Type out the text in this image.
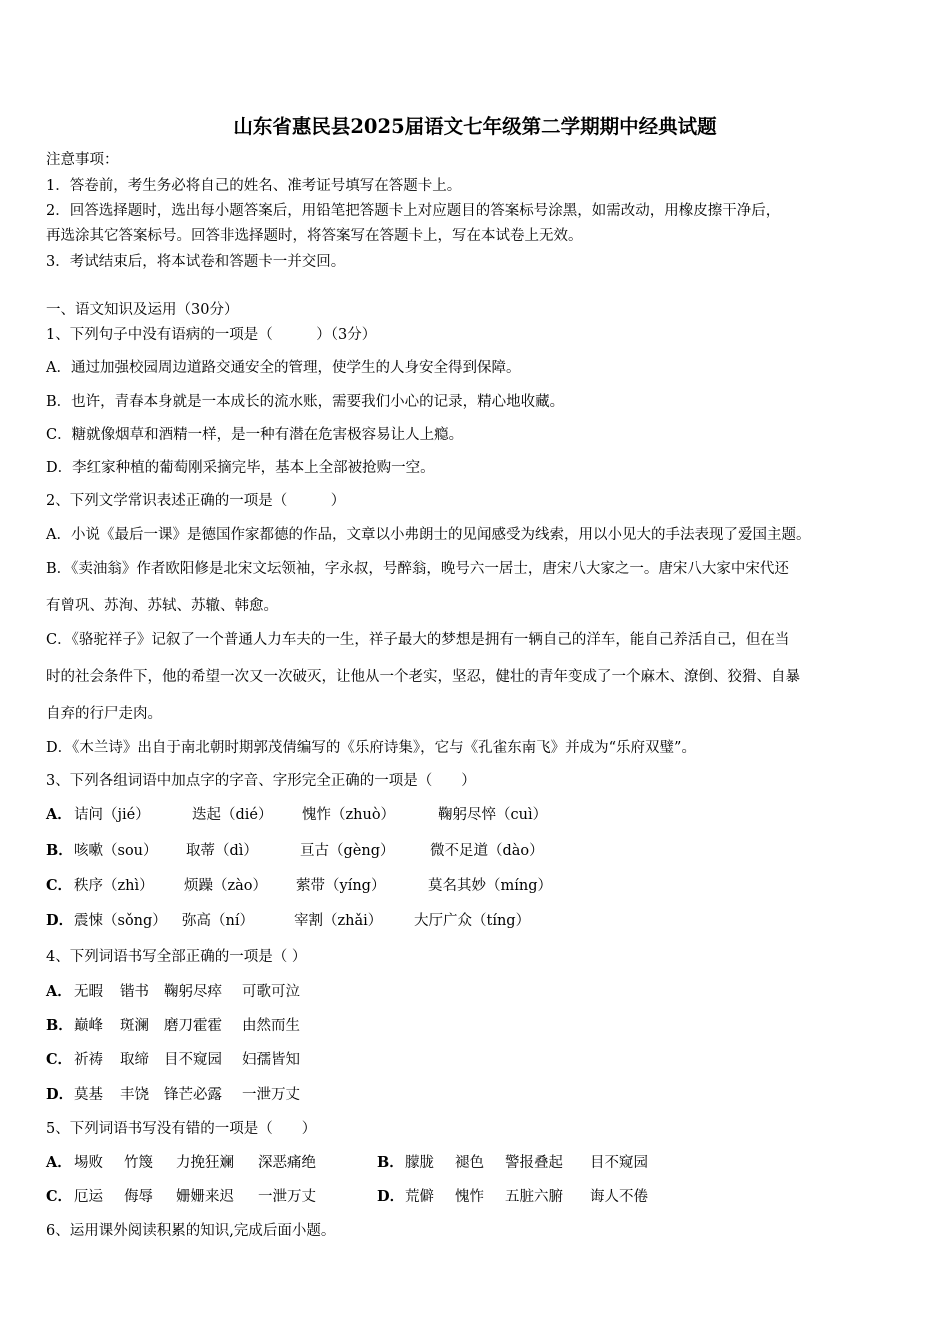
山东省惠民县2025届语文七年级第二学期期中经典试题
注意事项：
1．答卷前，考生务必将自己的姓名、准考证号填写在答题卡上。
2．回答选择题时，选出每小题答案后，用铅笔把答题卡上对应题目的答案标号涂黑，如需改动，用橡皮擦干净后，
再选涂其它答案标号。回答非选择题时，将答案写在答题卡上，写在本试卷上无效。
3．考试结束后，将本试卷和答题卡一并交回。
一、语文知识及运用（30分）
1、下列句子中没有语病的一项是（　　　）（3分）
A．通过加强校园周边道路交通安全的管理，使学生的人身安全得到保障。
B．也许，青春本身就是一本成长的流水账，需要我们小心的记录，精心地收藏。
C．糖就像烟草和酒精一样，是一种有潜在危害极容易让人上瘾。
D．李红家种植的葡萄刚采摘完毕，基本上全部被抢购一空。
2、下列文学常识表述正确的一项是（　　　）
A．小说《最后一课》是德国作家都德的作品，文章以小弗朗士的见闻感受为线索，用以小见大的手法表现了爱国主题。
B．《卖油翁》作者欧阳修是北宋文坛领袖，字永叔，号醉翁，晚号六一居士，唐宋八大家之一。唐宋八大家中宋代还
有曾巩、苏洵、苏轼、苏辙、韩愈。
C．《骆驼祥子》记叙了一个普通人力车夫的一生，祥子最大的梦想是拥有一辆自己的洋车，能自己养活自己，但在当
时的社会条件下，他的希望一次又一次破灭，让他从一个老实，坚忍，健壮的青年变成了一个麻木、潦倒、狡猾、自暴
自弃的行尸走肉。
D．《木兰诗》出自于南北朝时期郭茂倩编写的《乐府诗集》，它与《孔雀东南飞》并成为“乐府双璧”。
3、下列各组词语中加点字的字音、字形完全正确的一项是（　　）
A． 诘问（jié）	迭起（dié） 愧怍（zhuò）	鞠躬尽悴（cuì）
B． 咳嗽（sou） 取蒂（dì）	亘古（gèng） 微不足道（dào）
C． 秩序（zhì） 烦躁（zào） 萦带（yíng）	莫名其妙（míng）
D． 震悚（sǒng） 弥高（ní）	宰割（zhǎi） 大厅广众（tíng）
4、下列词语书写全部正确的一项是（ ）
A． 无暇 锴书 鞠躬尽瘁 可歌可泣
B． 巅峰 斑澜 磨刀霍霍 由然而生
C． 祈祷 取缔 目不窥园 妇孺皆知
D． 莫基 丰饶 锋芒必露 一泄万丈
5、下列词语书写没有错的一项是（　　）
A． 埸败 竹篾 力挽狂斓 深恶痛绝	B． 朦胧 褪色 警报叠起 目不窥园
C． 厄运 侮辱 姗姗来迟 一泄万丈	D． 荒僻 愧怍 五脏六腑 诲人不倦
6、运用课外阅读积累的知识,完成后面小题。
